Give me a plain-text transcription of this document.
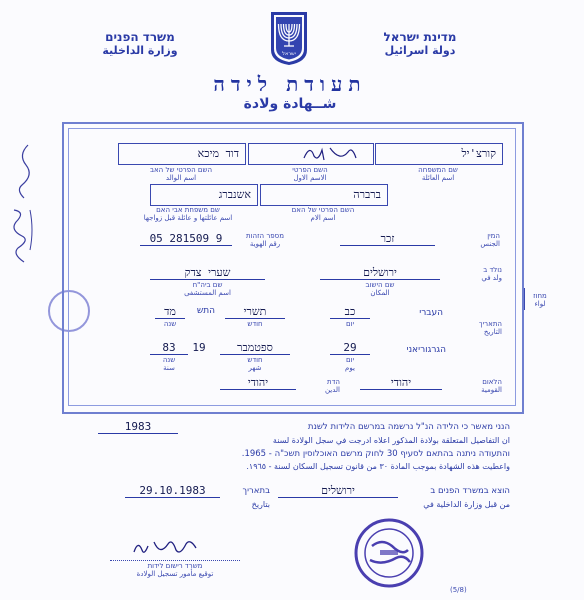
משרד הפנים
وزارة الداخلية	ישראל
מדינת ישראל
دولة اسرائيل
תעודת לידה
شــهادة ولادة
קורצ'יל
שם המשפחה
اسم العائلة
השם הפרטי
الاسم الاول
דוד מיכא
השם הפרטי של האב
اسم الوالد
ברברה
השם הפרטי של האם
اسم الام
אשנברג
שם משפחת אבי האם
اسم عائلتها و عائلة قبل زواجها
המין
الجنس
זכר
מספר הזהות
رقم الهوية
05 281509 9
נולד ב
ولد في
ירושלים
שם הישוב
المكان
שערי צדק
שם ביה"ח
اسم المستشفى	מחוז
لواء
התאריך
التاريخ
העברי
כב
יום
תשרי
חודש
התש
מד
שנה
הגרגוריאני
29
יום
يوم
ספטמבר
חודש
شهر
19
83
שנה
سنة
הלאום
القومية
יהודי
הדת
الدين
יהודי
הנני מאשר כי הלידה הנ"ל נרשמה במרשם הלידות לשנת
1983
ان التفاصيل المتعلقة بولادة المذكور اعلاه ادرجت في سجل الولادة لسنة
והתעודה ניתנה בהתאם לסעיף 30 לחוק מרשם האוכלוסין תשכ"ה - 1965.
واعطيت هذه الشهادة بموجب المادة ٣٠ من قانون تسجيل السكان لسنة - ١٩٦٥.
הוצא במשרד הפנים ב
من قبل وزارة الداخلية في
ירושלים
בתאריך
بتاريخ
29.10.1983
משרד רישום לידות
توقيع مأمور تسجيل الولادة
(5/8)
